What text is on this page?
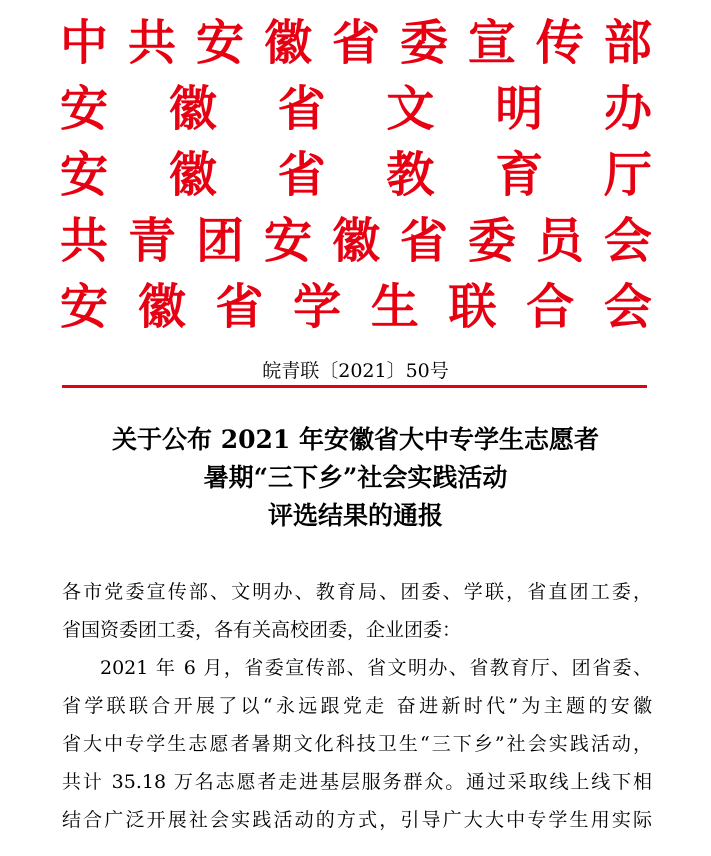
中 共 安 徽 省 委 宣 传 部
安 徽 省 文 明 办
安 徽 省 教 育 厅
共 青 团 安 徽 省 委 员 会
安 徽 省 学 生 联 合 会
皖青联〔2021〕50号
关于公布 2021 年安徽省大中专学生志愿者
暑期“三下乡”社会实践活动
评选结果的通报

各市党委宣传部、文明办、教育局、团委、学联，省直团工委，

省国资委团工委，各有关高校团委，企业团委：

2021 年 6 月，省委宣传部、省文明办、省教育厅、团省委、

省学联联合开展了以“永远跟党走 奋进新时代”为主题的安徽

省大中专学生志愿者暑期文化科技卫生“三下乡”社会实践活动，

共计 35.18 万名志愿者走进基层服务群众。通过采取线上线下相

结合广泛开展社会实践活动的方式，引导广大大中专学生用实际
